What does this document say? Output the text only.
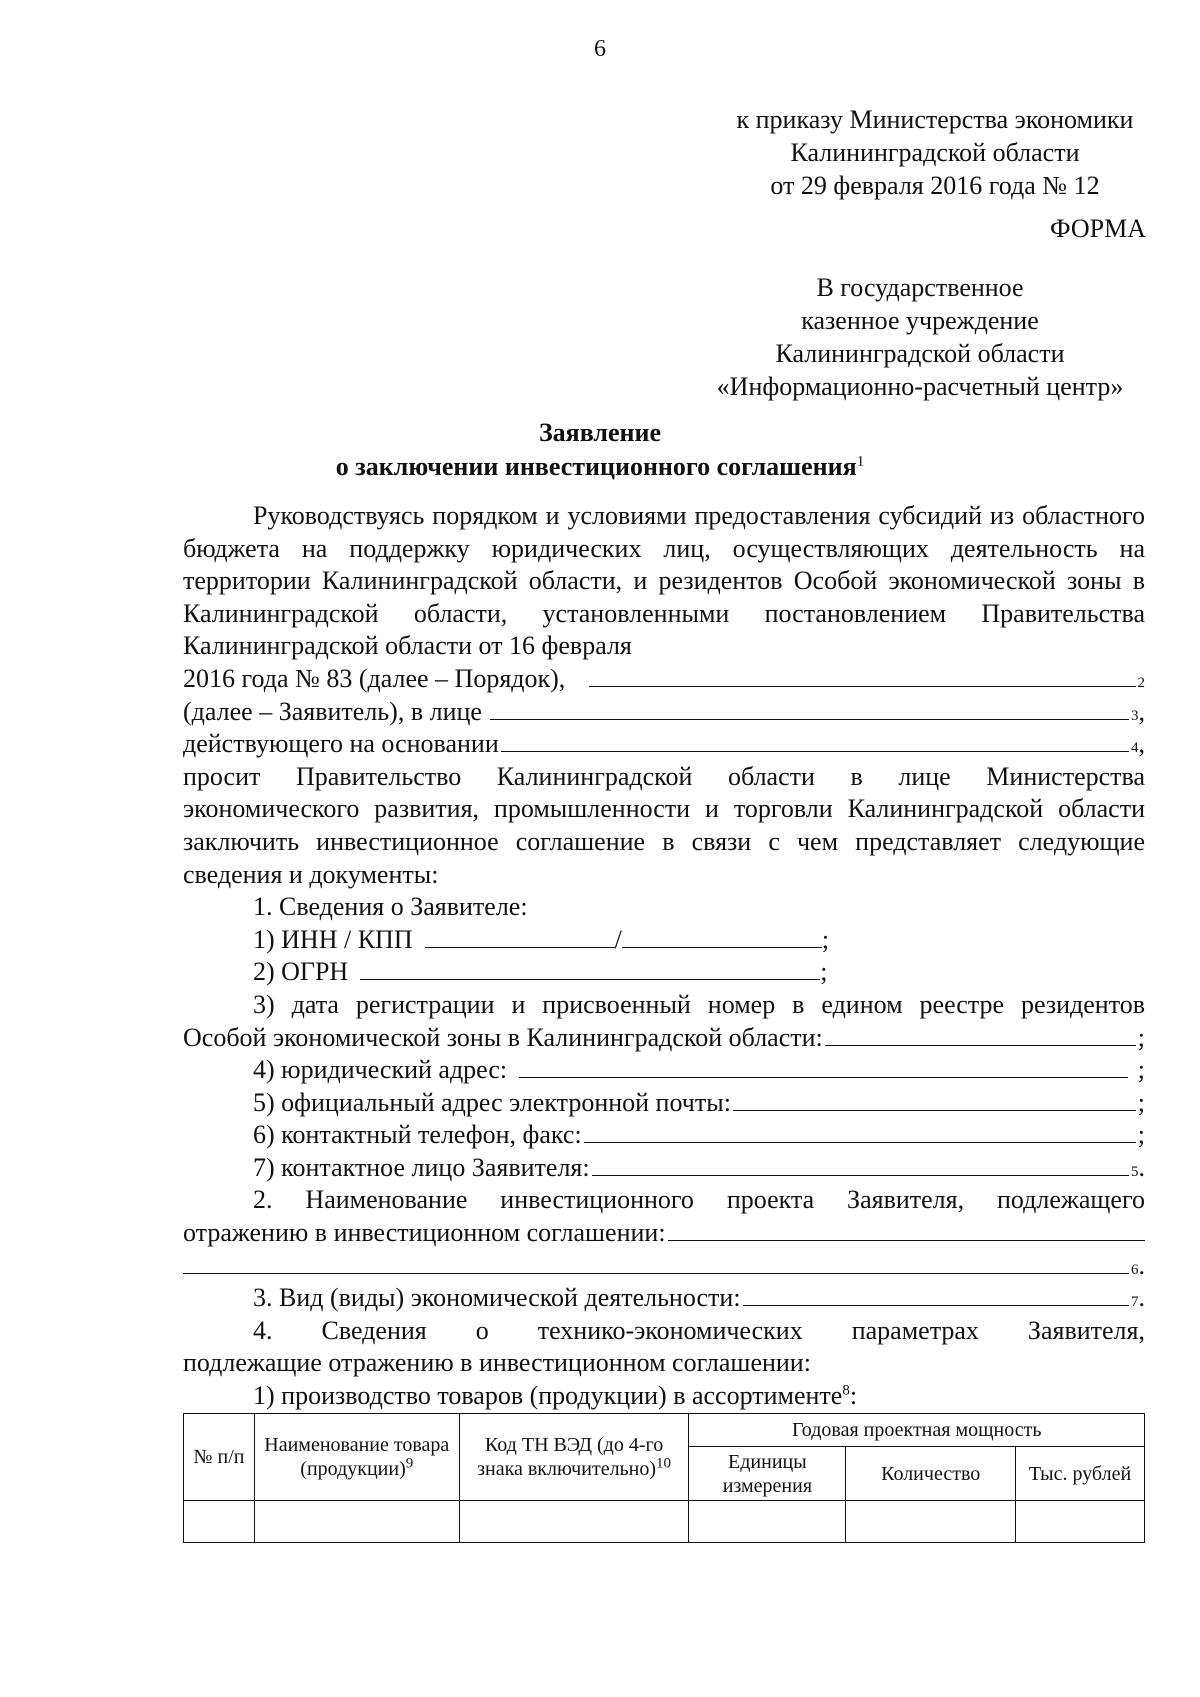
6
к приказу Министерства экономики
Калининградской области
от 29 февраля 2016 года № 12
ФОРМА
В государственное
казенное учреждение
Калининградской области
«Информационно-расчетный центр»
Заявление
о заключении инвестиционного соглашения$^1$

Руководствуясь порядком и условиями предоставления субсидий из областного бюджета на поддержку юридических лиц, осуществляющих деятельность на территории Калининградской области, и резидентов Особой экономической зоны в Калининградской области, установленными постановлением Правительства Калининградской области от 16 февраля

2016 года № 83 (далее – Порядок),	2
(далее – Заявитель), в лице	3 ,
действующего на основании	4 ,

просит Правительство Калининградской области в лице Министерства экономического развития, промышленности и торговли Калининградской области заключить инвестиционное соглашение в связи с чем представляет следующие сведения и документы:

1. Сведения о Заявителе:

1) ИНН / КПП	/	;
2) ОГРН	;

3) дата регистрации и присвоенный номер в едином реестре резидентов

Особой экономической зоны в Калининградской области:	;
4) юридический адрес:	;
5) официальный адрес электронной почты:	;
6) контактный телефон, факс:	;
7) контактное лицо Заявителя:	5 .

2. Наименование инвестиционного проекта Заявителя, подлежащего

отражению в инвестиционном соглашении:
6 .
3. Вид (виды) экономической деятельности:	7 .

4. Сведения о технико-экономических параметрах Заявителя,

подлежащие отражению в инвестиционном соглашении:

1) производство товаров (продукции) в ассортименте$^8$:

№ п/п	Наименование товара (продукции)$^9$	Код ТН ВЭД (до 4-го знака включительно)$^{10}$	Годовая проектная мощность		
			Единицы измерения	Количество	Тыс. рублей
